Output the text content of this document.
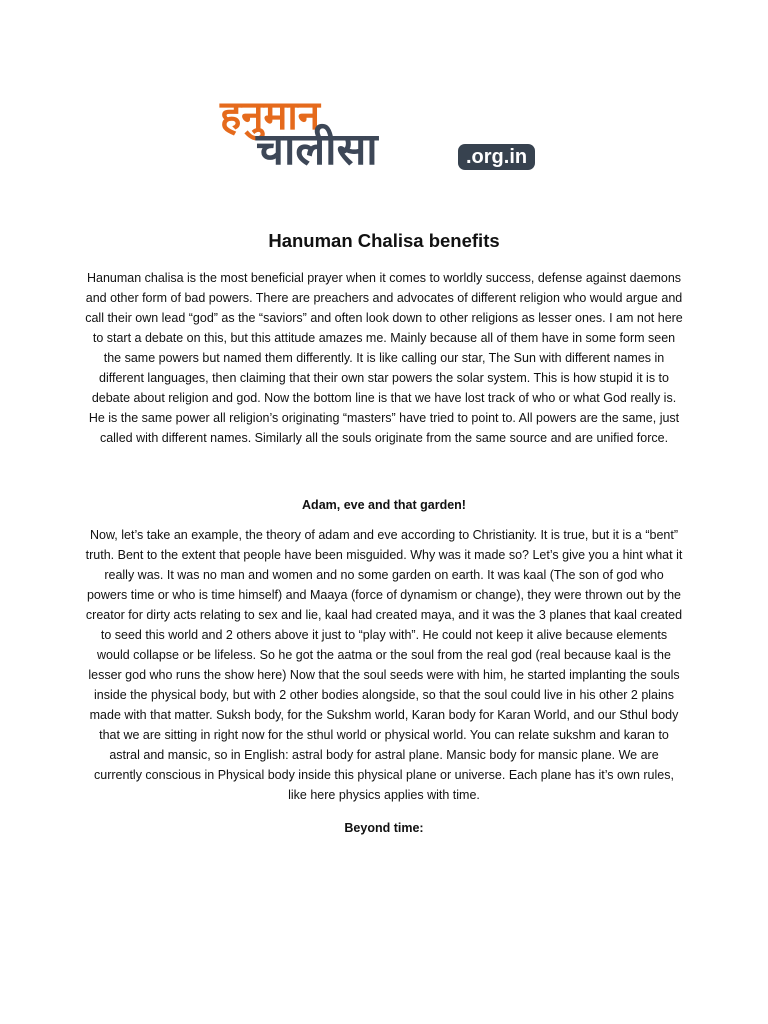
हनुमान
चालीसा	.org.in
Hanuman Chalisa benefits

Hanuman chalisa is the most beneficial prayer when it comes to worldly success, defense against daemons and other form of bad powers. There are preachers and advocates of different religion who would argue and call their own lead “god” as the “saviors” and often look down to other religions as lesser ones. I am not here to start a debate on this, but this attitude amazes me. Mainly because all of them have in some form seen the same powers but named them differently. It is like calling our star, The Sun with different names in different languages, then claiming that their own star powers the solar system. This is how stupid it is to debate about religion and god. Now the bottom line is that we have lost track of who or what God really is. He is the same power all religion’s originating “masters” have tried to point to. All powers are the same, just called with different names. Similarly all the souls originate from the same source and are unified force.

Adam, eve and that garden!

Now, let’s take an example, the theory of adam and eve according to Christianity. It is true, but it is a “bent” truth. Bent to the extent that people have been misguided. Why was it made so? Let’s give you a hint what it really was. It was no man and women and no some garden on earth. It was kaal (The son of god who powers time or who is time himself) and Maaya (force of dynamism or change), they were thrown out by the creator for dirty acts relating to sex and lie, kaal had created maya, and it was the 3 planes that kaal created to seed this world and 2 others above it just to “play with”. He could not keep it alive because elements would collapse or be lifeless. So he got the aatma or the soul from the real god (real because kaal is the lesser god who runs the show here) Now that the soul seeds were with him, he started implanting the souls inside the physical body, but with 2 other bodies alongside, so that the soul could live in his other 2 plains made with that matter. Suksh body, for the Sukshm world, Karan body for Karan World, and our Sthul body that we are sitting in right now for the sthul world or physical world. You can relate sukshm and karan to astral and mansic, so in English: astral body for astral plane. Mansic body for mansic plane. We are currently conscious in Physical body inside this physical plane or universe. Each plane has it’s own rules, like here physics applies with time.

Beyond time:
